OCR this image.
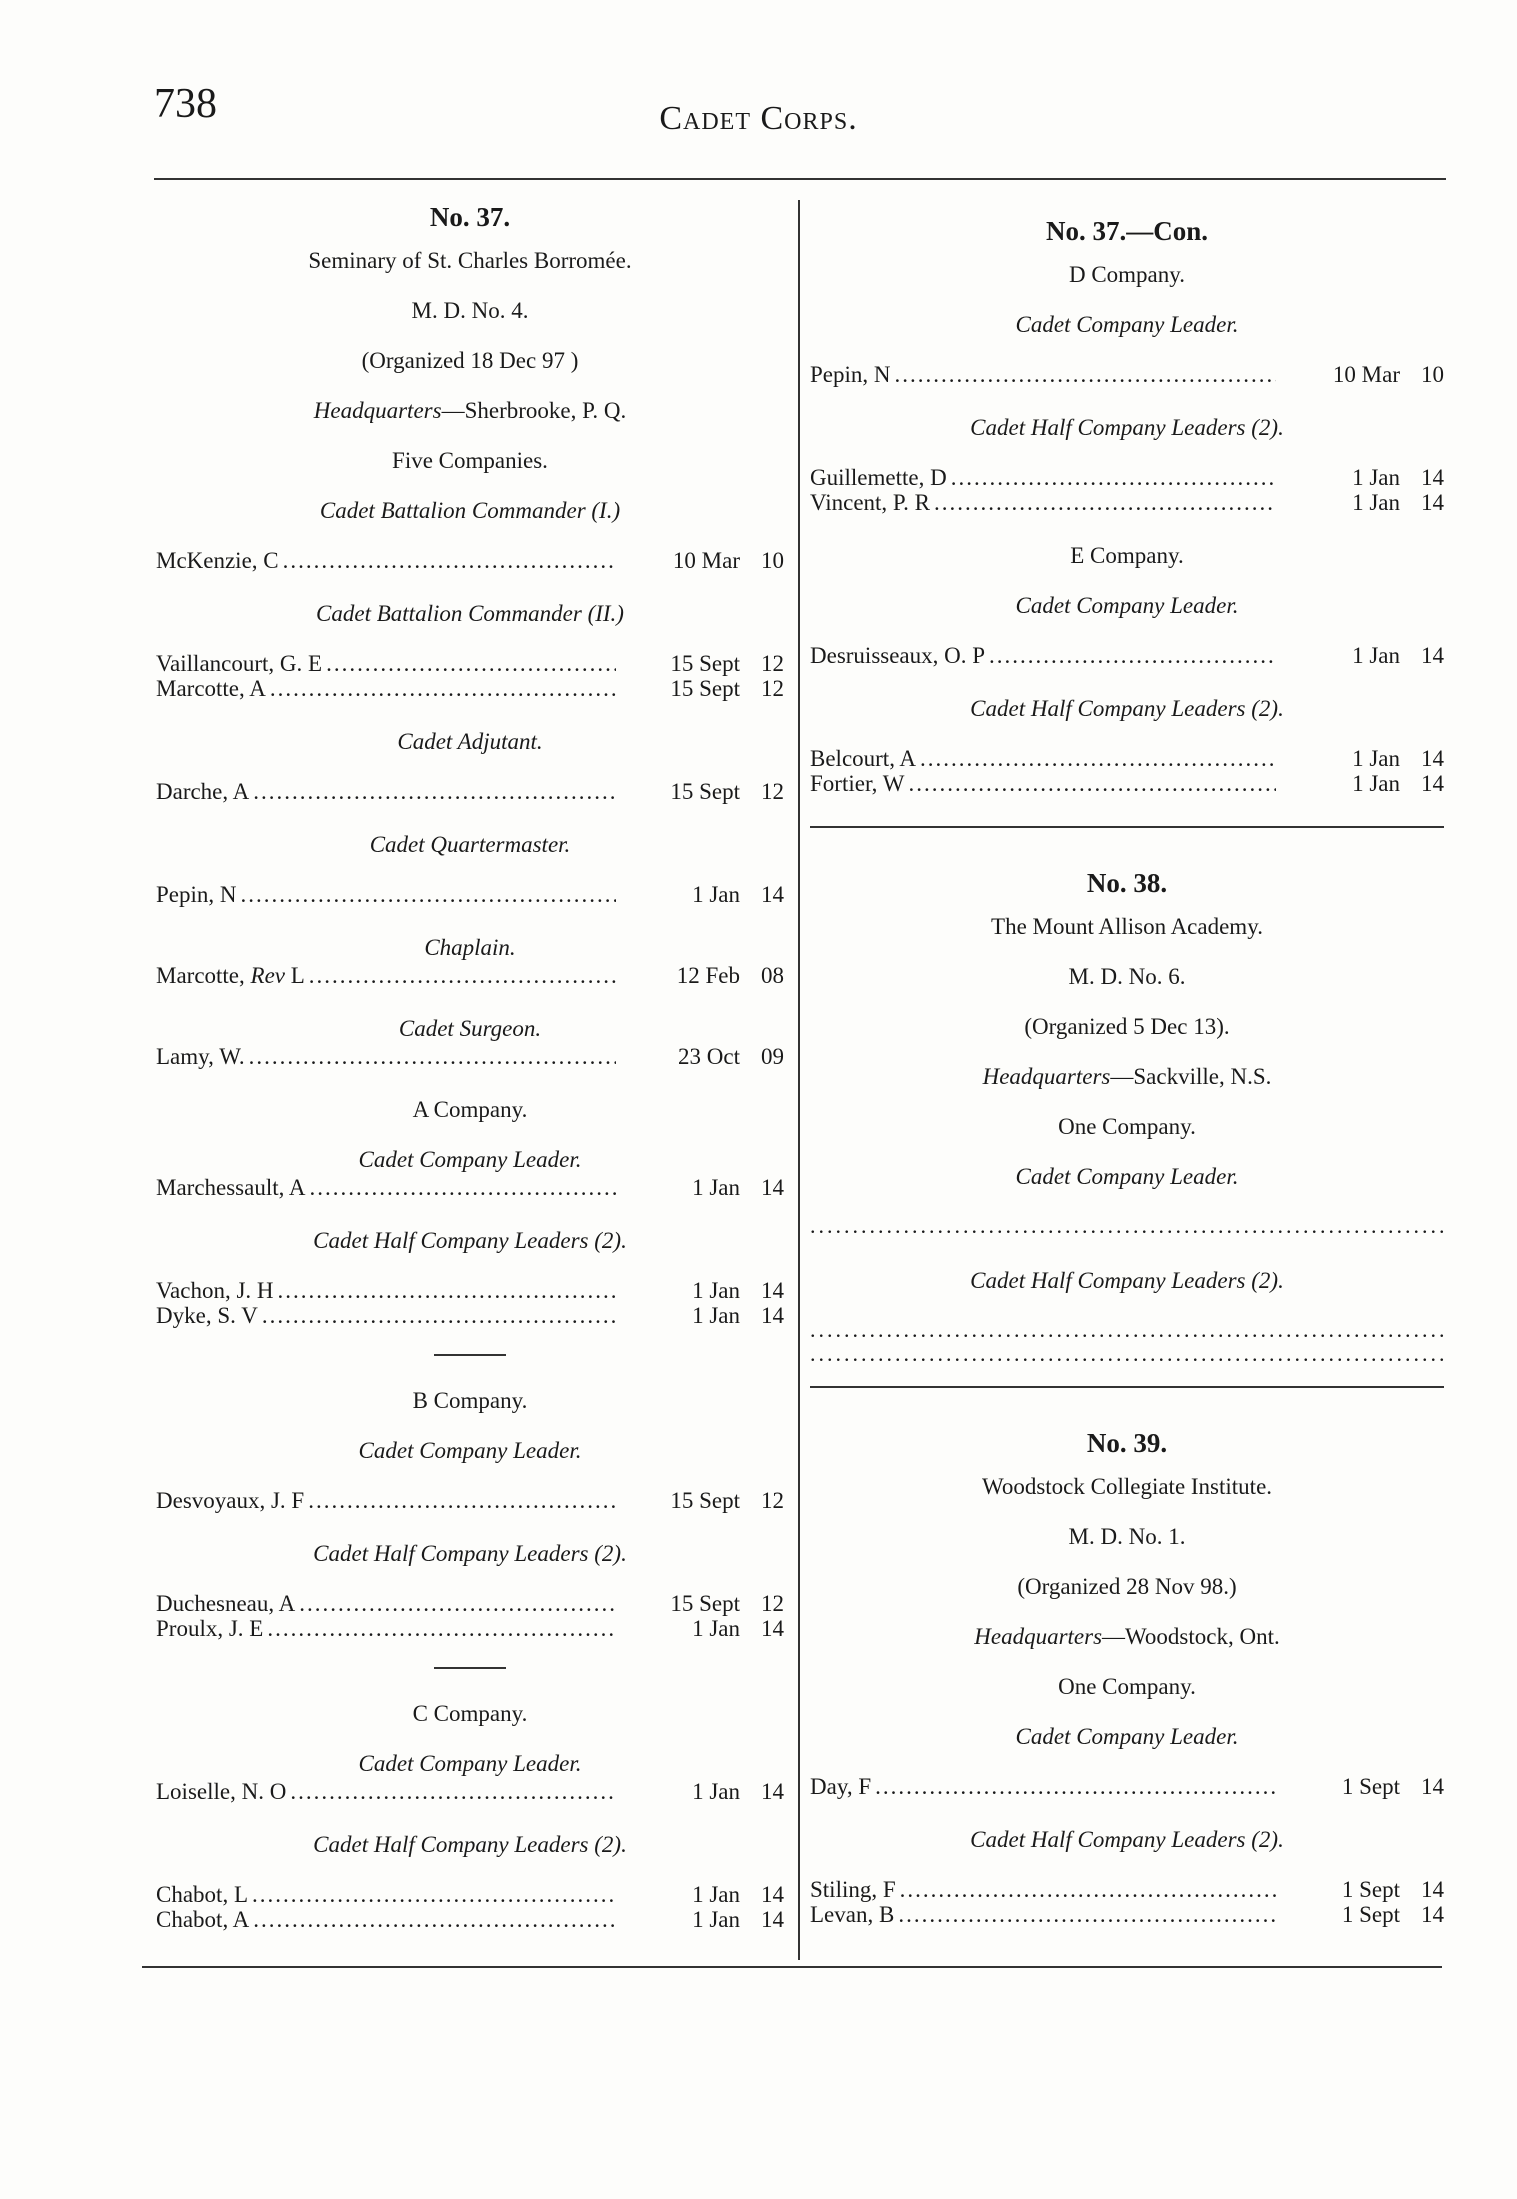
738	Cadet Corps.

No. 37.

Seminary of St. Charles Borromée.

M. D. No. 4.

(Organized 18 Dec 97 )

Headquarters—Sherbrooke, P. Q.

Five Companies.

Cadet Battalion Commander (I.)

McKenzie, C .....	10 Mar 10

Cadet Battalion Commander (II.)

Vaillancourt, G. E .....	15 Sept 12
Marcotte, A .....	15 Sept 12

Cadet Adjutant.

Darche, A .....	15 Sept 12

Cadet Quartermaster.

Pepin, N .....	1 Jan 14

Chaplain.

Marcotte, Rev L .....	12 Feb 08

Cadet Surgeon.

Lamy, W. .....	23 Oct 09

A Company.

Cadet Company Leader.

Marchessault, A .....	1 Jan 14

Cadet Half Company Leaders (2).

Vachon, J. H .....	1 Jan 14
Dyke, S. V .....	1 Jan 14

B Company.

Cadet Company Leader.

Desvoyaux, J. F .....	15 Sept 12

Cadet Half Company Leaders (2).

Duchesneau, A .....	15 Sept 12
Proulx, J. E .....	1 Jan 14

C Company.

Cadet Company Leader.

Loiselle, N. O .....	1 Jan 14

Cadet Half Company Leaders (2).

Chabot, L .....	1 Jan 14
Chabot, A .....	1 Jan 14

No. 37.—Con.

D Company.

Cadet Company Leader.

Pepin, N .....	10 Mar 10

Cadet Half Company Leaders (2).

Guillemette, D .....	1 Jan 14
Vincent, P. R .....	1 Jan 14

E Company.

Cadet Company Leader.

Desruisseaux, O. P .....	1 Jan 14

Cadet Half Company Leaders (2).

Belcourt, A .....	1 Jan 14
Fortier, W .....	1 Jan 14

No. 38.

The Mount Allison Academy.

M. D. No. 6.

(Organized 5 Dec 13).

Headquarters—Sackville, N.S.

One Company.

Cadet Company Leader.

.....

Cadet Half Company Leaders (2).

.....
.....

No. 39.

Woodstock Collegiate Institute.

M. D. No. 1.

(Organized 28 Nov 98.)

Headquarters—Woodstock, Ont.

One Company.

Cadet Company Leader.

Day, F .....	1 Sept 14

Cadet Half Company Leaders (2).

Stiling, F .....	1 Sept 14
Levan, B .....	1 Sept 14
